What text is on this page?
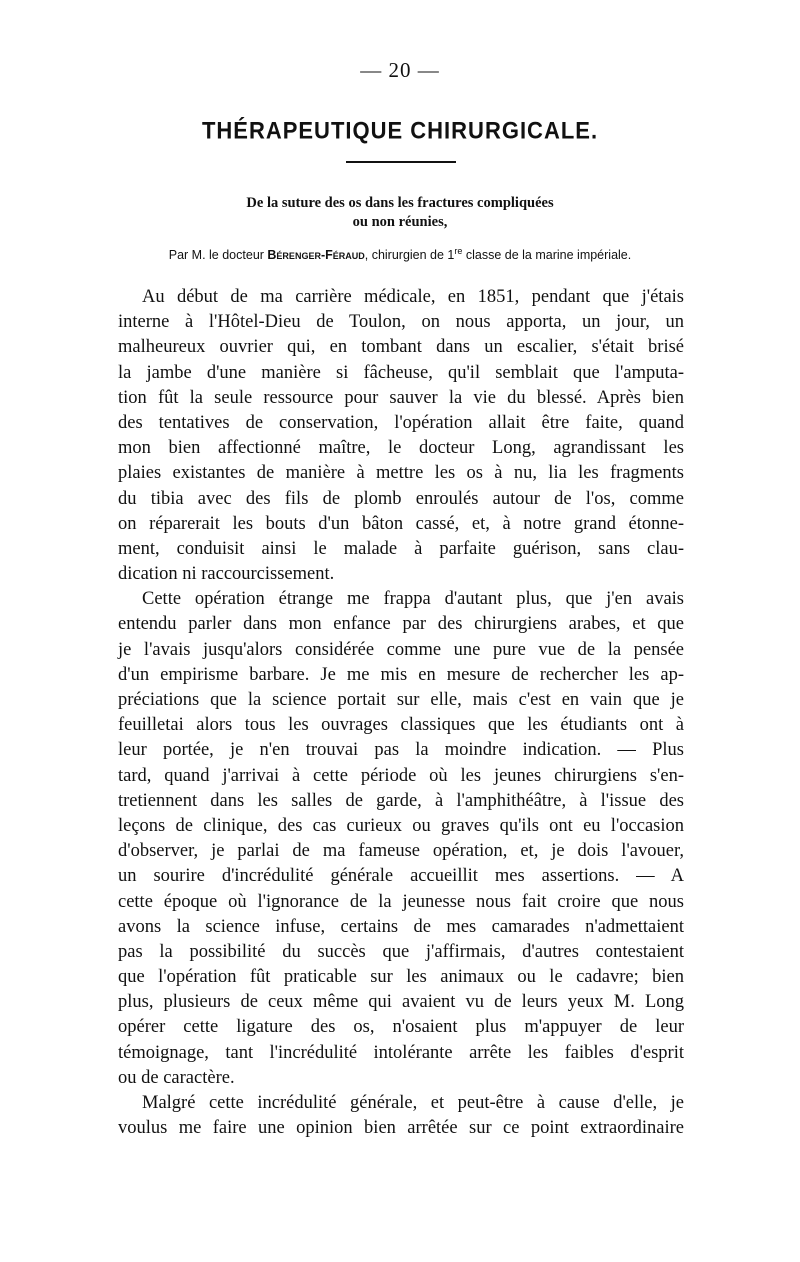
— 20 —
THÉRAPEUTIQUE CHIRURGICALE.
De la suture des os dans les fractures compliquées
ou non réunies,
Par M. le docteur Bérenger-Féraud, chirurgien de 1re classe de la marine impériale.
Au début de ma carrière médicale, en 1851, pendant que j'étais
interne à l'Hôtel-Dieu de Toulon, on nous apporta, un jour, un
malheureux ouvrier qui, en tombant dans un escalier, s'était brisé
la jambe d'une manière si fâcheuse, qu'il semblait que l'amputa-
tion fût la seule ressource pour sauver la vie du blessé. Après bien
des tentatives de conservation, l'opération allait être faite, quand
mon bien affectionné maître, le docteur Long, agrandissant les
plaies existantes de manière à mettre les os à nu, lia les fragments
du tibia avec des fils de plomb enroulés autour de l'os, comme
on réparerait les bouts d'un bâton cassé, et, à notre grand étonne-
ment, conduisit ainsi le malade à parfaite guérison, sans clau-
dication ni raccourcissement.
Cette opération étrange me frappa d'autant plus, que j'en avais
entendu parler dans mon enfance par des chirurgiens arabes, et que
je l'avais jusqu'alors considérée comme une pure vue de la pensée
d'un empirisme barbare. Je me mis en mesure de rechercher les ap-
préciations que la science portait sur elle, mais c'est en vain que je
feuilletai alors tous les ouvrages classiques que les étudiants ont à
leur portée, je n'en trouvai pas la moindre indication. — Plus
tard, quand j'arrivai à cette période où les jeunes chirurgiens s'en-
tretiennent dans les salles de garde, à l'amphithéâtre, à l'issue des
leçons de clinique, des cas curieux ou graves qu'ils ont eu l'occasion
d'observer, je parlai de ma fameuse opération, et, je dois l'avouer,
un sourire d'incrédulité générale accueillit mes assertions. — A
cette époque où l'ignorance de la jeunesse nous fait croire que nous
avons la science infuse, certains de mes camarades n'admettaient
pas la possibilité du succès que j'affirmais, d'autres contestaient
que l'opération fût praticable sur les animaux ou le cadavre; bien
plus, plusieurs de ceux même qui avaient vu de leurs yeux M. Long
opérer cette ligature des os, n'osaient plus m'appuyer de leur
témoignage, tant l'incrédulité intolérante arrête les faibles d'esprit
ou de caractère.
Malgré cette incrédulité générale, et peut-être à cause d'elle, je
voulus me faire une opinion bien arrêtée sur ce point extraordinaire
